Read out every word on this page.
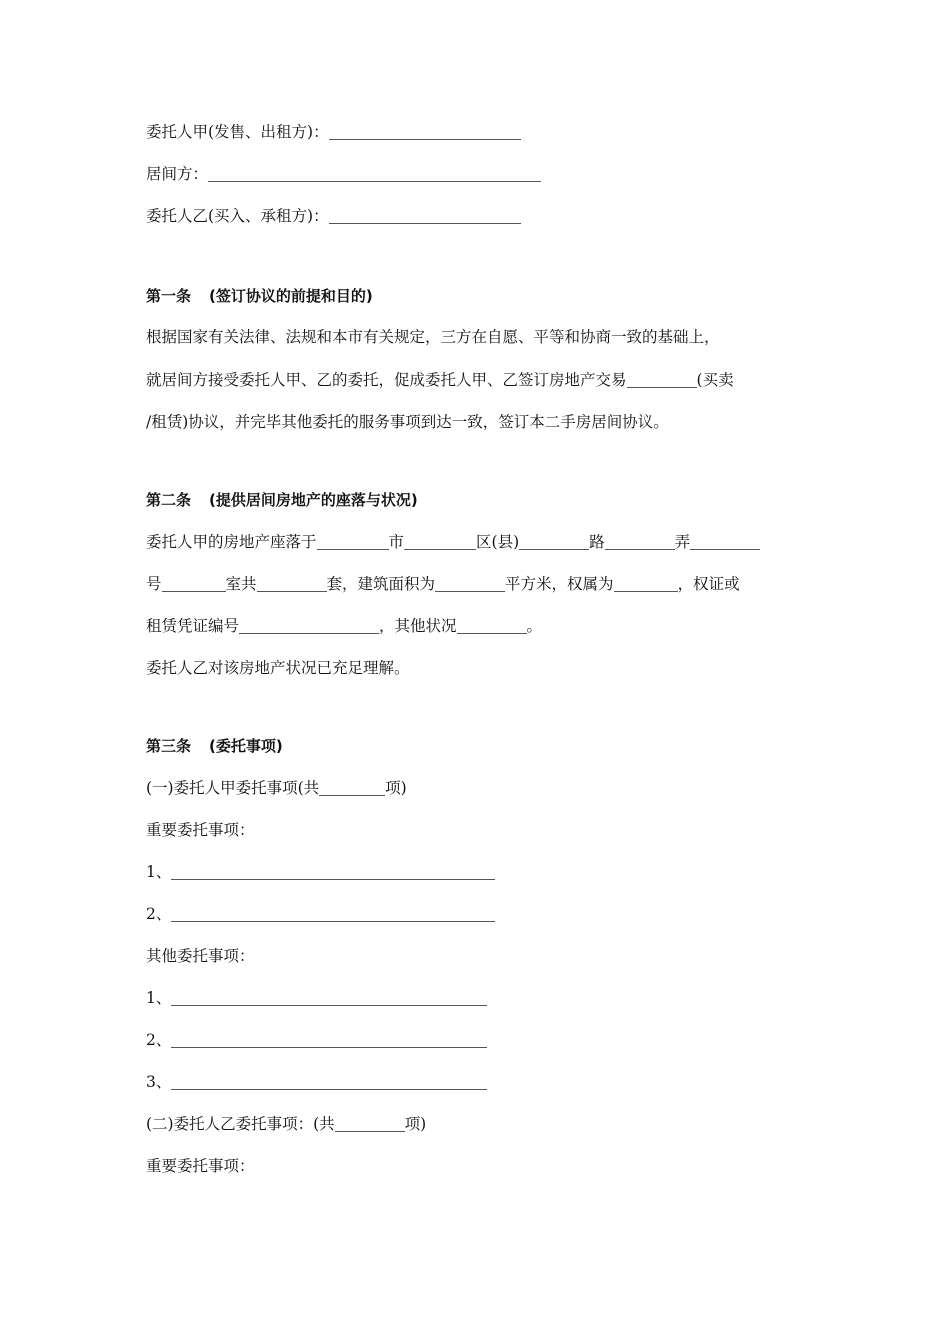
委托人甲(发售、出租方)：
居间方：
委托人乙(买入、承租方)：
第一条 (签订协议的前提和目的)
根据国家有关法律、法规和本市有关规定，三方在自愿、平等和协商一致的基础上，
就居间方接受委托人甲、乙的委托，促成委托人甲、乙签订房地产交易	(买卖
/租赁)协议，并完毕其他委托的服务事项到达一致，签订本二手房居间协议。
第二条 (提供居间房地产的座落与状况)
委托人甲的房地产座落于	市	区(县)	路	弄
号	室共	套，建筑面积为	平方米，权属为	，权证或
租赁凭证编号	，其他状况	。
委托人乙对该房地产状况已充足理解。
第三条 (委托事项)
(一)委托人甲委托事项(共	项)
重要委托事项：
1、
2、
其他委托事项：
1、
2、
3、
(二)委托人乙委托事项：(共	项)
重要委托事项：
